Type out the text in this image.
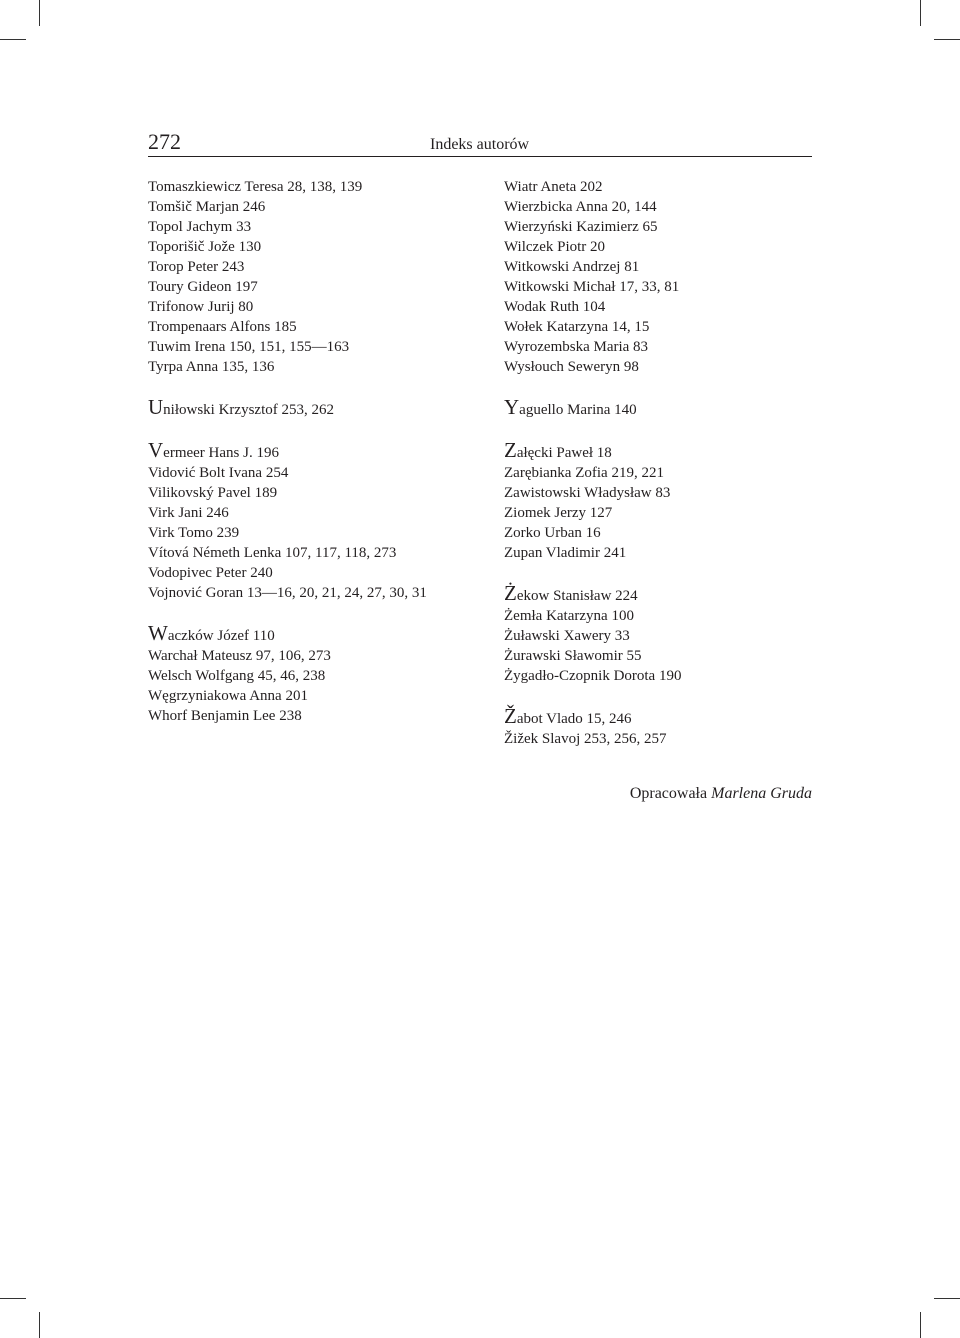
272	Indeks autorów

Tomaszkiewicz Teresa 28, 138, 139

Tomšič Marjan 246

Topol Jachym 33

Toporišič Jože 130

Torop Peter 243

Toury Gideon 197

Trifonow Jurij 80

Trompenaars Alfons 185

Tuwim Irena 150, 151, 155—163

Tyrpa Anna 135, 136

Uniłowski Krzysztof 253, 262

Vermeer Hans J. 196

Vidović Bolt Ivana 254

Vilikovský Pavel 189

Virk Jani 246

Virk Tomo 239

Vítová Németh Lenka 107, 117, 118, 273

Vodopivec Peter 240

Vojnović Goran 13—16, 20, 21, 24, 27, 30, 31

Waczków Józef 110

Warchał Mateusz 97, 106, 273

Welsch Wolfgang 45, 46, 238

Węgrzyniakowa Anna 201

Whorf Benjamin Lee 238

Wiatr Aneta 202

Wierzbicka Anna 20, 144

Wierzyński Kazimierz 65

Wilczek Piotr 20

Witkowski Andrzej 81

Witkowski Michał 17, 33, 81

Wodak Ruth 104

Wołek Katarzyna 14, 15

Wyrozembska Maria 83

Wysłouch Seweryn 98

Yaguello Marina 140

Załęcki Paweł 18

Zarębianka Zofia 219, 221

Zawistowski Władysław 83

Ziomek Jerzy 127

Zorko Urban 16

Zupan Vladimir 241

Żekow Stanisław 224

Żemła Katarzyna 100

Żuławski Xawery 33

Żurawski Sławomir 55

Żygadło-Czopnik Dorota 190

Žabot Vlado 15, 246

Žižek Slavoj 253, 256, 257

Opracowała Marlena Gruda
